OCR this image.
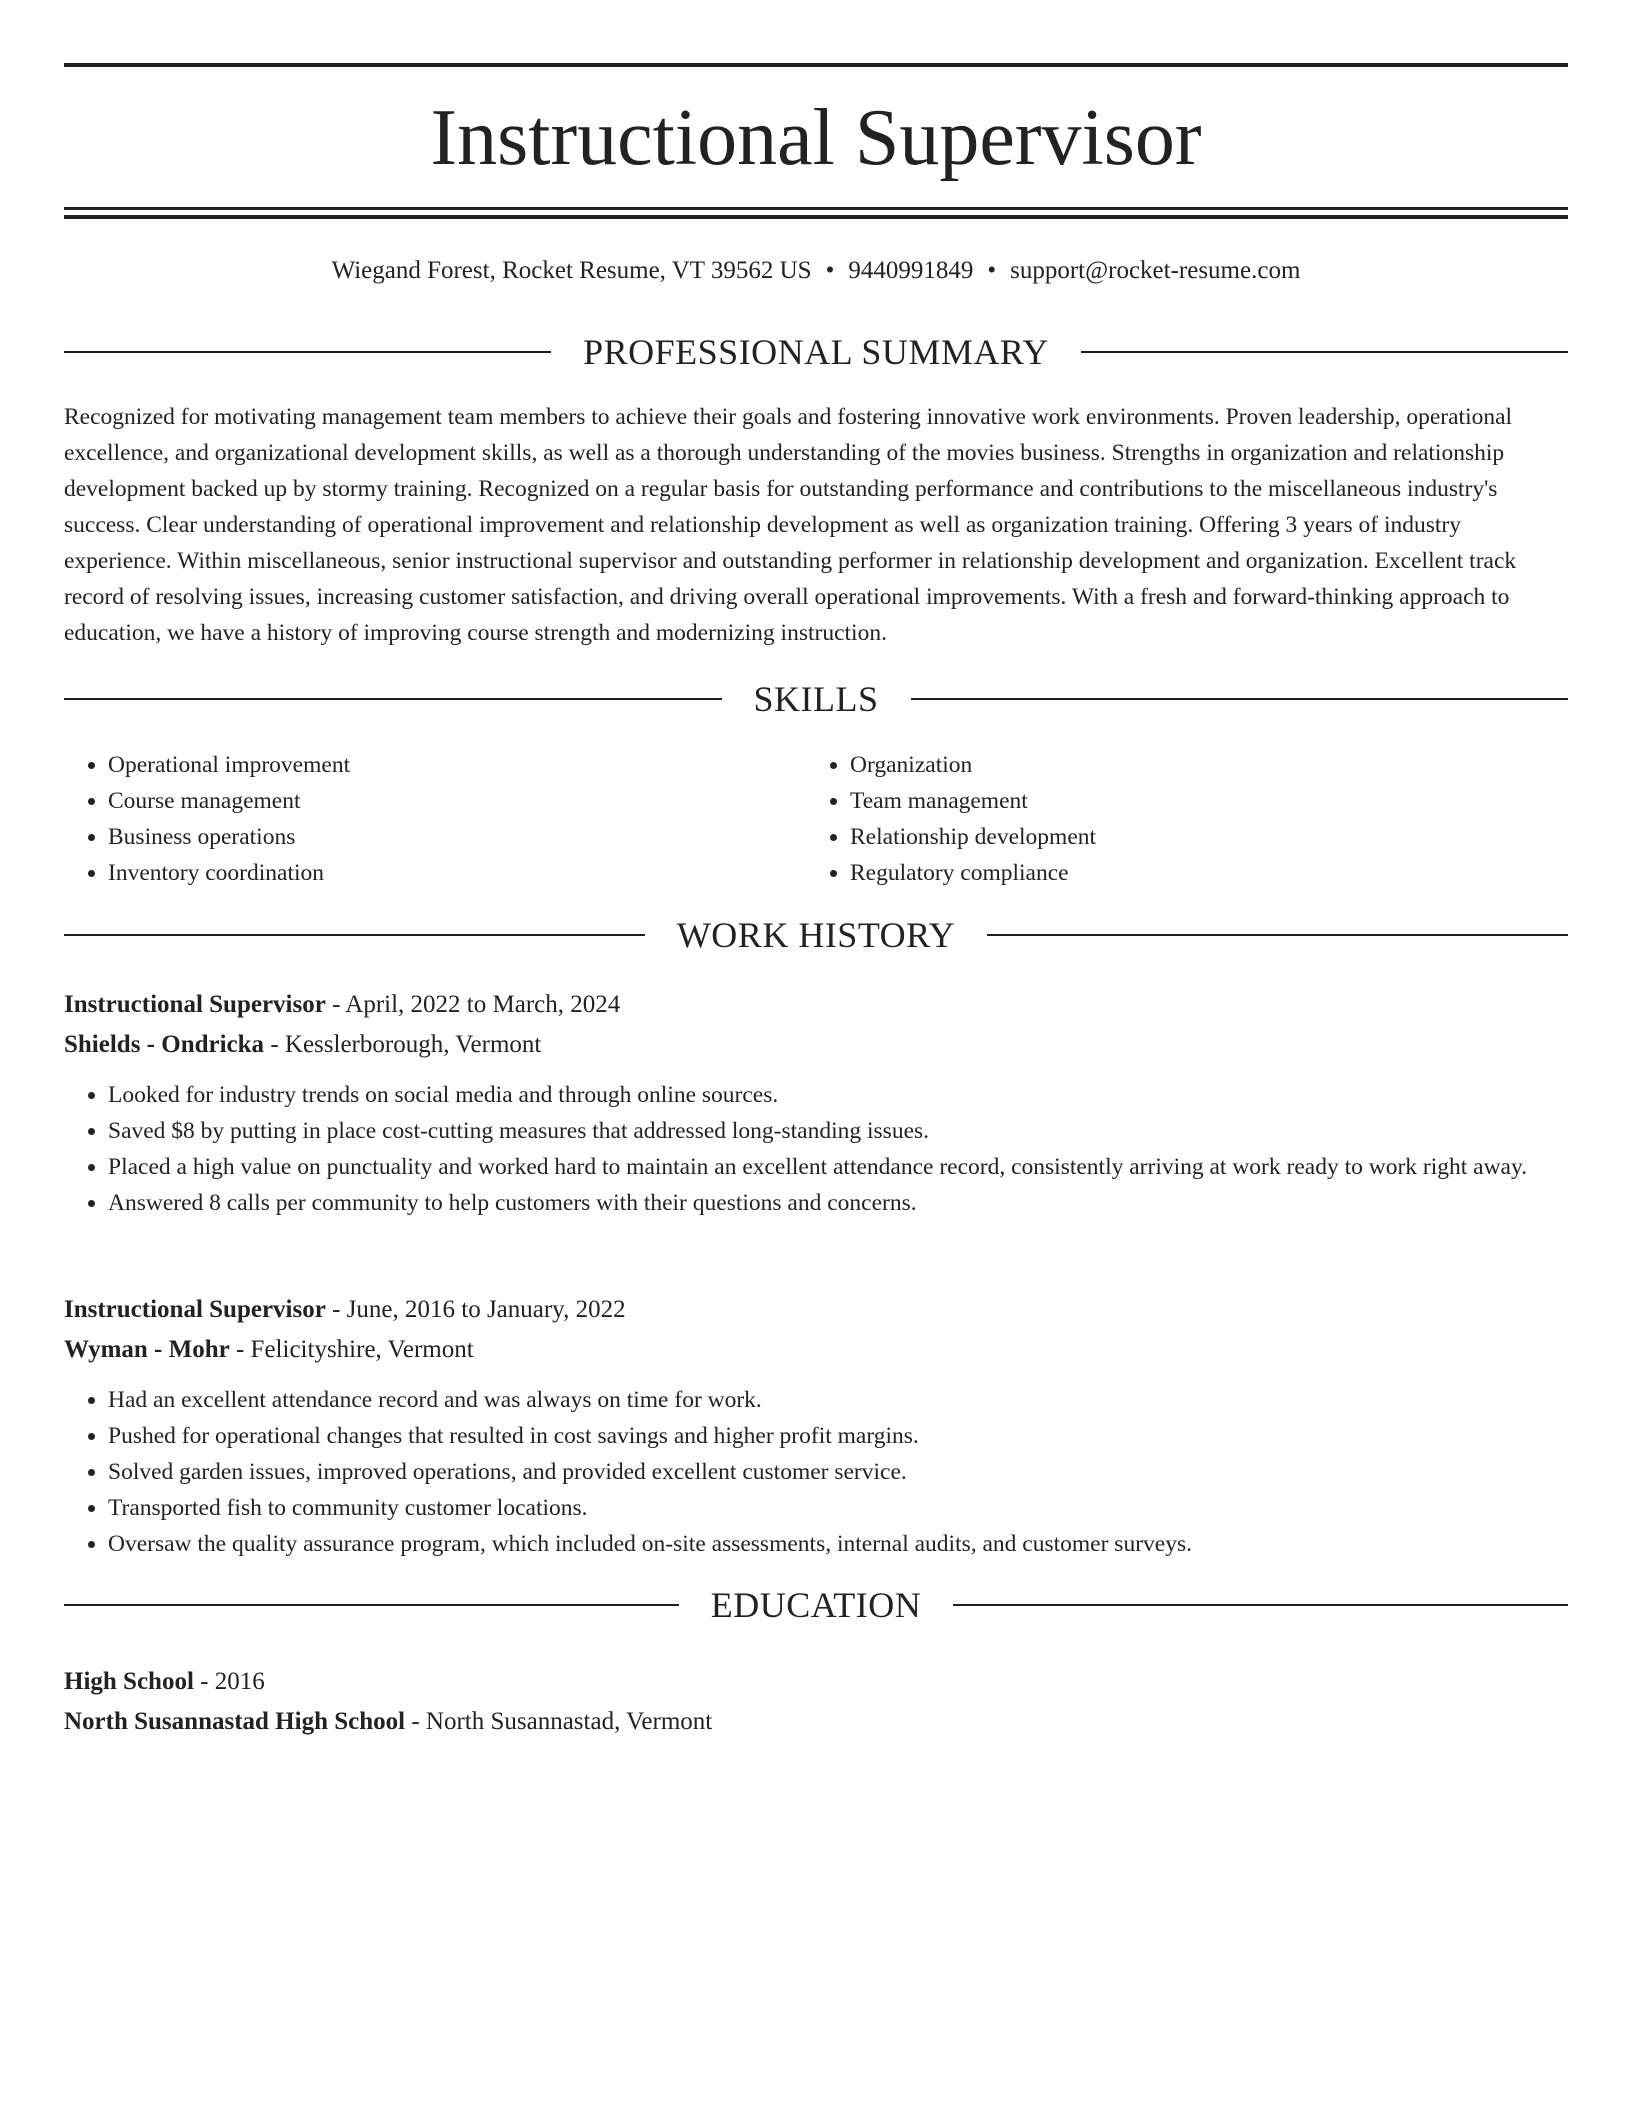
Instructional Supervisor
Wiegand Forest, Rocket Resume, VT 39562 US • 9440991849 • support@rocket-resume.com
PROFESSIONAL SUMMARY

Recognized for motivating management team members to achieve their goals and fostering innovative work environments. Proven leadership, operational excellence, and organizational development skills, as well as a thorough understanding of the movies business. Strengths in organization and relationship development backed up by stormy training. Recognized on a regular basis for outstanding performance and contributions to the miscellaneous industry's success. Clear understanding of operational improvement and relationship development as well as organization training. Offering 3 years of industry experience. Within miscellaneous, senior instructional supervisor and outstanding performer in relationship development and organization. Excellent track record of resolving issues, increasing customer satisfaction, and driving overall operational improvements. With a fresh and forward-thinking approach to education, we have a history of improving course strength and modernizing instruction.

SKILLS
• Operational improvement
• Course management
• Business operations
• Inventory coordination
• Organization
• Team management
• Relationship development
• Regulatory compliance
WORK HISTORY
Instructional Supervisor - April, 2022 to March, 2024
Shields - Ondricka - Kesslerborough, Vermont
• Looked for industry trends on social media and through online sources.
• Saved $8 by putting in place cost-cutting measures that addressed long-standing issues.
• Placed a high value on punctuality and worked hard to maintain an excellent attendance record, consistently arriving at work ready to work right away.
• Answered 8 calls per community to help customers with their questions and concerns.
Instructional Supervisor - June, 2016 to January, 2022
Wyman - Mohr - Felicityshire, Vermont
• Had an excellent attendance record and was always on time for work.
• Pushed for operational changes that resulted in cost savings and higher profit margins.
• Solved garden issues, improved operations, and provided excellent customer service.
• Transported fish to community customer locations.
• Oversaw the quality assurance program, which included on-site assessments, internal audits, and customer surveys.
EDUCATION
High School - 2016
North Susannastad High School - North Susannastad, Vermont
